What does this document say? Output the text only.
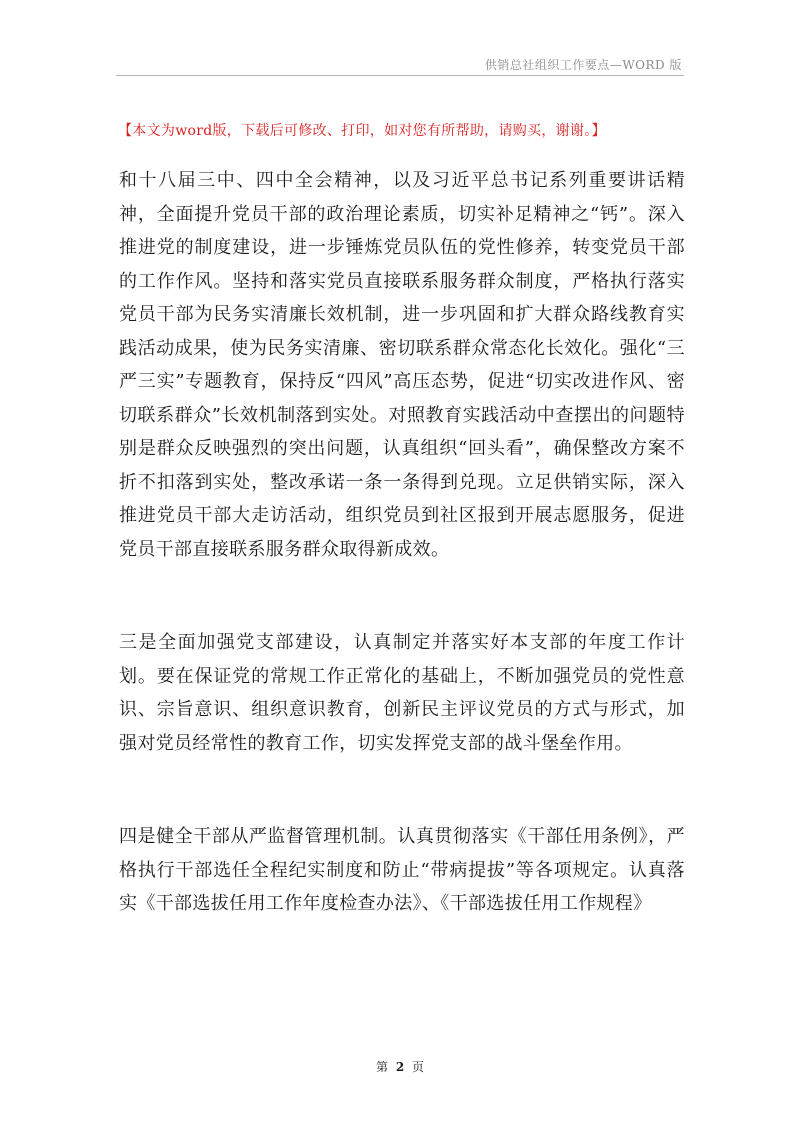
供销总社组织工作要点—WORD 版
【本文为word版，下载后可修改、打印，如对您有所帮助，请购买，谢谢。】

和十八届三中、四中全会精神，以及习近平总书记系列重要讲话精神，全面提升党员干部的政治理论素质，切实补足精神之“钙”。深入推进党的制度建设，进一步锤炼党员队伍的党性修养，转变党员干部的工作作风。坚持和落实党员直接联系服务群众制度，严格执行落实党员干部为民务实清廉长效机制，进一步巩固和扩大群众路线教育实践活动成果，使为民务实清廉、密切联系群众常态化长效化。强化“三严三实”专题教育，保持反“四风”高压态势，促进“切实改进作风、密切联系群众”长效机制落到实处。对照教育实践活动中查摆出的问题特别是群众反映强烈的突出问题，认真组织“回头看”，确保整改方案不折不扣落到实处，整改承诺一条一条得到兑现。立足供销实际，深入推进党员干部大走访活动，组织党员到社区报到开展志愿服务，促进党员干部直接联系服务群众取得新成效。

三是全面加强党支部建设，认真制定并落实好本支部的年度工作计划。要在保证党的常规工作正常化的基础上，不断加强党员的党性意识、宗旨意识、组织意识教育，创新民主评议党员的方式与形式，加强对党员经常性的教育工作，切实发挥党支部的战斗堡垒作用。

四是健全干部从严监督管理机制。认真贯彻落实《干部任用条例》，严格执行干部选任全程纪实制度和防止“带病提拔”等各项规定。认真落实《干部选拔任用工作年度检查办法》、《干部选拔任用工作规程》

第 2 页
